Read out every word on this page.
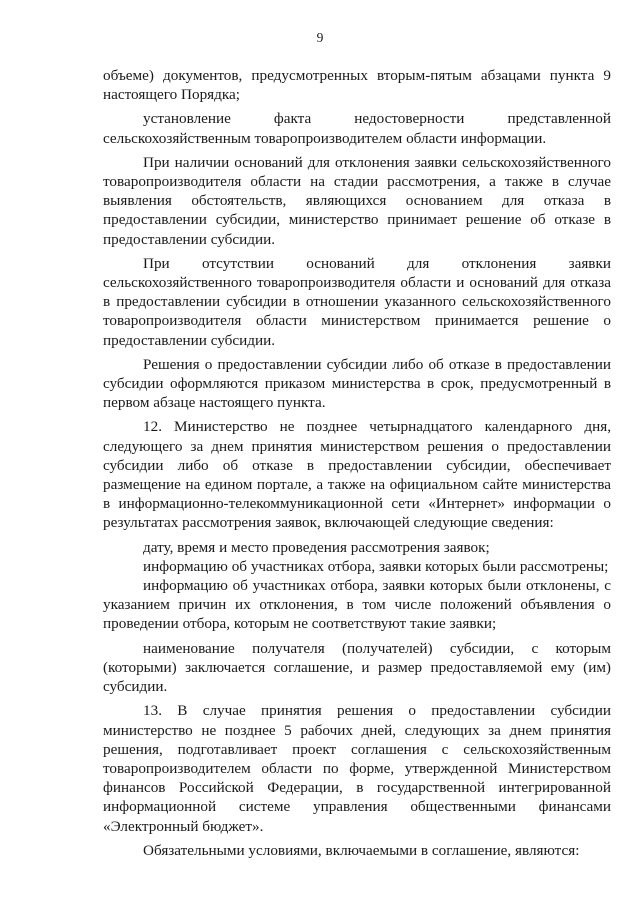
9

объеме) документов, предусмотренных вторым-пятым абзацами пункта 9 настоящего Порядка;

установление факта недостоверности представленной сельскохозяйственным товаропроизводителем области информации.

При наличии оснований для отклонения заявки сельскохозяйственного товаропроизводителя области на стадии рассмотрения, а также в случае выявления обстоятельств, являющихся основанием для отказа в предоставлении субсидии, министерство принимает решение об отказе в предоставлении субсидии.

При отсутствии оснований для отклонения заявки сельскохозяйственного товаропроизводителя области и оснований для отказа в предоставлении субсидии в отношении указанного сельскохозяйственного товаропроизводителя области министерством принимается решение о предоставлении субсидии.

Решения о предоставлении субсидии либо об отказе в предоставлении субсидии оформляются приказом министерства в срок, предусмотренный в первом абзаце настоящего пункта.

12. Министерство не позднее четырнадцатого календарного дня, следующего за днем принятия министерством решения о предоставлении субсидии либо об отказе в предоставлении субсидии, обеспечивает размещение на едином портале, а также на официальном сайте министерства в информационно-телекоммуникационной сети «Интернет» информации о результатах рассмотрения заявок, включающей следующие сведения:

дату, время и место проведения рассмотрения заявок;

информацию об участниках отбора, заявки которых были рассмотрены;

информацию об участниках отбора, заявки которых были отклонены, с указанием причин их отклонения, в том числе положений объявления о проведении отбора, которым не соответствуют такие заявки;

наименование получателя (получателей) субсидии, с которым (которыми) заключается соглашение, и размер предоставляемой ему (им) субсидии.

13. В случае принятия решения о предоставлении субсидии министерство не позднее 5 рабочих дней, следующих за днем принятия решения, подготавливает проект соглашения с сельскохозяйственным товаропроизводителем области по форме, утвержденной Министерством финансов Российской Федерации, в государственной интегрированной информационной системе управления общественными финансами «Электронный бюджет».

Обязательными условиями, включаемыми в соглашение, являются:
